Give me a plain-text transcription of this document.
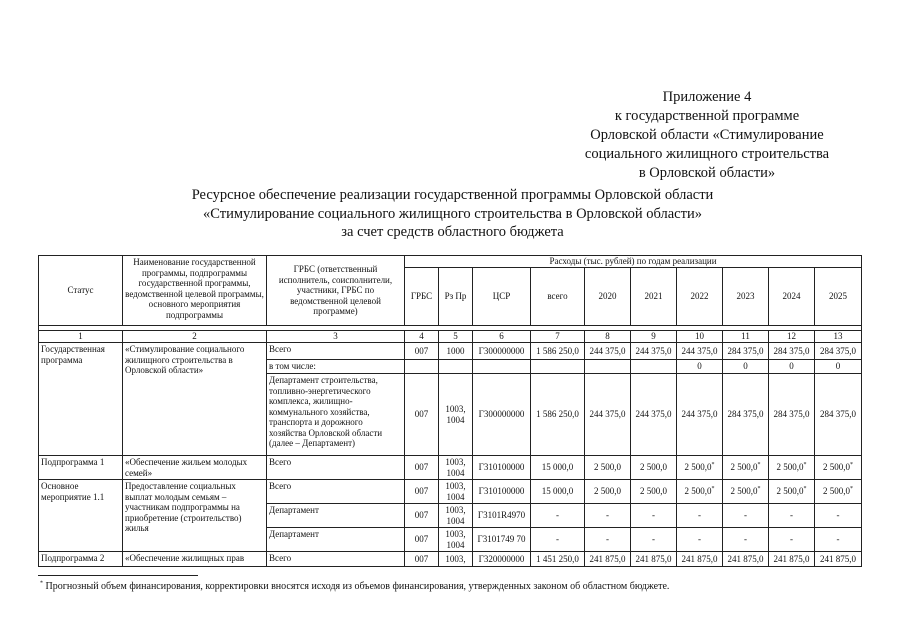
Приложение 4
к государственной программе
Орловской области «Стимулирование
социального жилищного строительства
в Орловской области»
Ресурсное обеспечение реализации государственной программы Орловской области
«Стимулирование социального жилищного строительства в Орловской области»
за счет средств областного бюджета
Статус	Наименование государственной программы, подпрограммы государственной программы, ведомственной целевой программы, основного мероприятия подпрограммы	ГРБС (ответственный исполнитель, соисполнители, участники, ГРБС по ведомственной целевой программе)	Расходы (тыс. рублей) по годам реализации									
			ГРБС	Рз Пр	ЦСР	всего	2020	2021	2022	2023	2024	2025

1	2	3	4	5	6	7	8	9	10	11	12	13
Государственная программа	«Стимулирование социального жилищного строительства в Орловской области»	Всего	007	1000	Г300000000	1 586 250,0	244 375,0	244 375,0	244 375,0	284 375,0	284 375,0	284 375,0
		в том числе:							0	0	0	0
		Департамент строительства, топливно-энергетического комплекса, жилищно-коммунального хозяйства, транспорта и дорожного хозяйства Орловской области (далее – Департамент)	007	1003, 1004	Г300000000	1 586 250,0	244 375,0	244 375,0	244 375,0	284 375,0	284 375,0	284 375,0
Подпрограмма 1	«Обеспечение жильем молодых семей»	Всего	007	1003, 1004	Г310100000	15 000,0	2 500,0	2 500,0	2 500,0*	2 500,0*	2 500,0*	2 500,0*
Основное мероприятие 1.1	Предоставление социальных выплат молодым семьям – участникам подпрограммы на приобретение (строительство) жилья	Всего	007	1003, 1004	Г310100000	15 000,0	2 500,0	2 500,0	2 500,0*	2 500,0*	2 500,0*	2 500,0*
		Департамент	007	1003, 1004	Г3101R4970	-	-	-	-	-	-	-
		Департамент	007	1003, 1004	Г3101749 70	-	-	-	-	-	-	-
Подпрограмма 2	«Обеспечение жилищных прав	Всего	007	1003,	Г320000000	1 451 250,0	241 875,0	241 875,0	241 875,0	241 875,0	241 875,0	241 875,0
* Прогнозный объем финансирования, корректировки вносятся исходя из объемов финансирования, утвержденных законом об областном бюджете.
